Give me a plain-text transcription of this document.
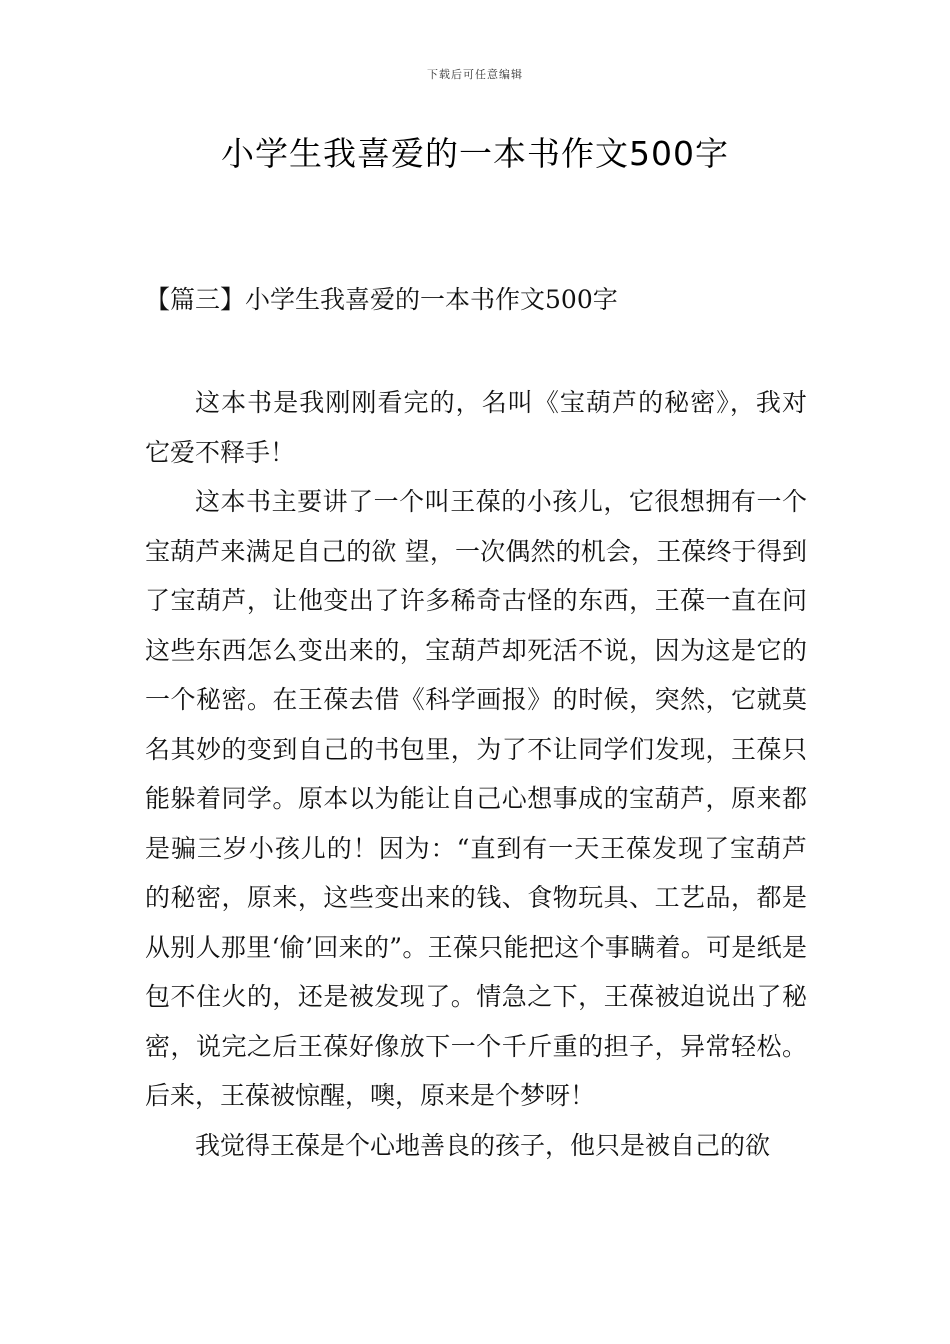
下载后可任意编辑
小学生我喜爱的一本书作文500字
【篇三】小学生我喜爱的一本书作文500字

这本书是我刚刚看完的，名叫《宝葫芦的秘密》，我对它爱不释手！

这本书主要讲了一个叫王葆的小孩儿，它很想拥有一个宝葫芦来满足自己的欲 望，一次偶然的机会，王葆终于得到了宝葫芦，让他变出了许多稀奇古怪的东西，王葆一直在问这些东西怎么变出来的，宝葫芦却死活不说，因为这是它的一个秘密。在王葆去借《科学画报》的时候，突然，它就莫名其妙的变到自己的书包里，为了不让同学们发现，王葆只能躲着同学。原本以为能让自己心想事成的宝葫芦，原来都是骗三岁小孩儿的！因为：“直到有一天王葆发现了宝葫芦的秘密，原来，这些变出来的钱、食物玩具、工艺品，都是从别人那里‘偷’回来的”。王葆只能把这个事瞒着。可是纸是包不住火的，还是被发现了。情急之下，王葆被迫说出了秘密，说完之后王葆好像放下一个千斤重的担子，异常轻松。后来，王葆被惊醒，噢，原来是个梦呀！

我觉得王葆是个心地善良的孩子，他只是被自己的欲
